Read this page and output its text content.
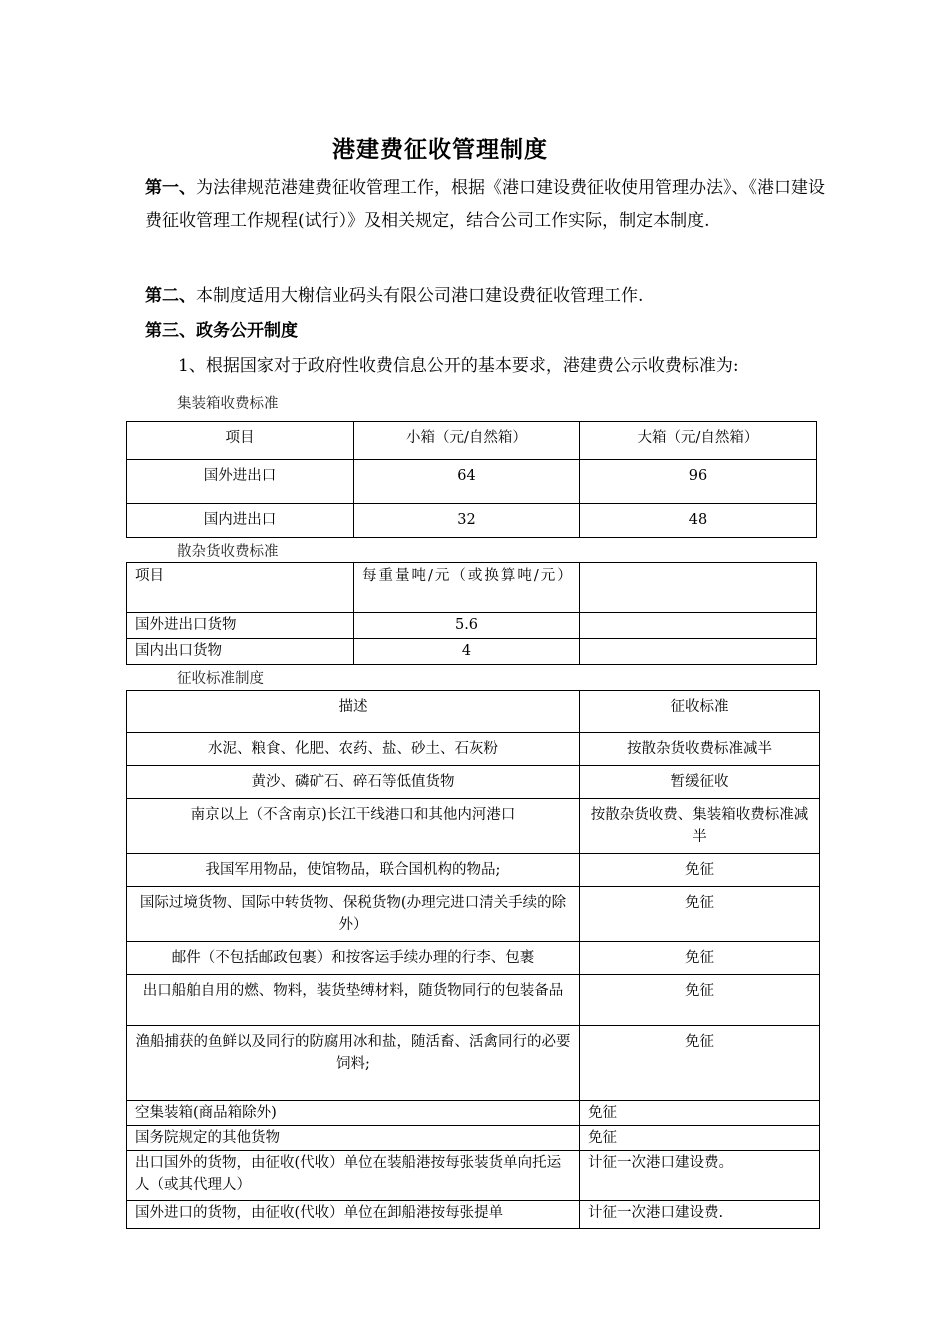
港建费征收管理制度
第一、为法律规范港建费征收管理工作，根据《港口建设费征收使用管理办法》、《港口建设费征收管理工作规程(试行）》及相关规定，结合公司工作实际，制定本制度.
第二、本制度适用大榭信业码头有限公司港口建设费征收管理工作.
第三、政务公开制度
1、根据国家对于政府性收费信息公开的基本要求，港建费公示收费标准为:
集装箱收费标准
项目	小箱（元/自然箱）	大箱（元/自然箱）
国外进出口	64	96
国内进出口	32	48
散杂货收费标准
项目	每重量吨/元（或换算吨/元）	
国外进出口货物	5.6	
国内出口货物	4	
征收标准制度
描述	征收标准
水泥、粮食、化肥、农药、盐、砂土、石灰粉	按散杂货收费标准减半
黄沙、磷矿石、碎石等低值货物	暂缓征收
南京以上（不含南京)长江干线港口和其他内河港口	按散杂货收费、集装箱收费标准减半
我国军用物品，使馆物品，联合国机构的物品;	免征
国际过境货物、国际中转货物、保税货物(办理完进口清关手续的除外）	免征
邮件（不包括邮政包裹）和按客运手续办理的行李、包裹	免征
出口船舶自用的燃、物料，装货垫缚材料，随货物同行的包装备品	免征
渔船捕获的鱼鲜以及同行的防腐用冰和盐，随活畜、活禽同行的必要饲料;	免征
空集装箱(商品箱除外)	免征
国务院规定的其他货物	免征
出口国外的货物，由征收(代收）单位在装船港按每张装货单向托运人（或其代理人）	计征一次港口建设费。
国外进口的货物，由征收(代收）单位在卸船港按每张提单	计征一次港口建设费.
